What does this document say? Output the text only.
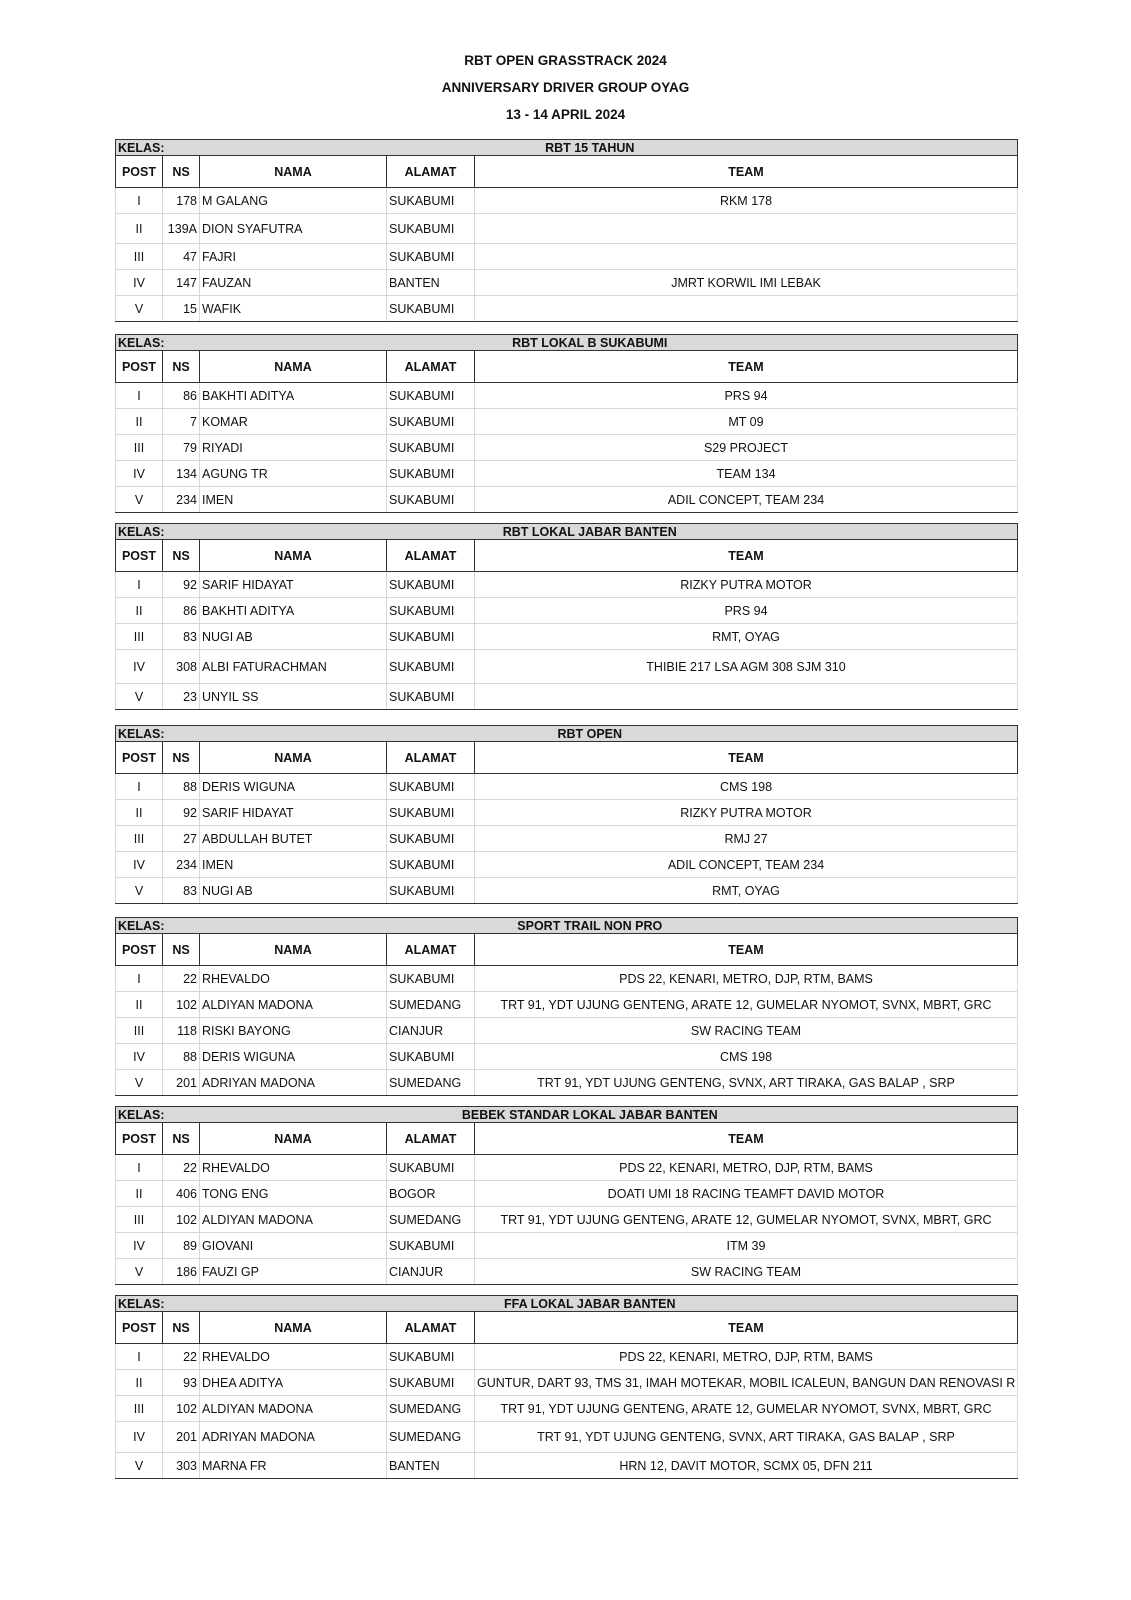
RBT OPEN GRASSTRACK 2024
ANNIVERSARY DRIVER GROUP OYAG
13 - 14 APRIL 2024
KELAS:	RBT 15 TAHUN			
POST	NS	NAMA	ALAMAT	TEAM
I	178	M GALANG	SUKABUMI	RKM 178
II	139A	DION SYAFUTRA	SUKABUMI	
III	47	FAJRI	SUKABUMI	
IV	147	FAUZAN	BANTEN	JMRT KORWIL IMI LEBAK
V	15	WAFIK	SUKABUMI	
KELAS:	RBT LOKAL B SUKABUMI			
POST	NS	NAMA	ALAMAT	TEAM
I	86	BAKHTI ADITYA	SUKABUMI	PRS 94
II	7	KOMAR	SUKABUMI	MT 09
III	79	RIYADI	SUKABUMI	S29 PROJECT
IV	134	AGUNG TR	SUKABUMI	TEAM 134
V	234	IMEN	SUKABUMI	ADIL CONCEPT, TEAM 234
KELAS:	RBT LOKAL JABAR BANTEN			
POST	NS	NAMA	ALAMAT	TEAM
I	92	SARIF HIDAYAT	SUKABUMI	RIZKY PUTRA MOTOR
II	86	BAKHTI ADITYA	SUKABUMI	PRS 94
III	83	NUGI AB	SUKABUMI	RMT, OYAG
IV	308	ALBI FATURACHMAN	SUKABUMI	THIBIE 217 LSA AGM 308 SJM 310
V	23	UNYIL SS	SUKABUMI	
KELAS:	RBT OPEN			
POST	NS	NAMA	ALAMAT	TEAM
I	88	DERIS WIGUNA	SUKABUMI	CMS 198
II	92	SARIF HIDAYAT	SUKABUMI	RIZKY PUTRA MOTOR
III	27	ABDULLAH BUTET	SUKABUMI	RMJ 27
IV	234	IMEN	SUKABUMI	ADIL CONCEPT, TEAM 234
V	83	NUGI AB	SUKABUMI	RMT, OYAG
KELAS:	SPORT TRAIL NON PRO			
POST	NS	NAMA	ALAMAT	TEAM
I	22	RHEVALDO	SUKABUMI	PDS 22, KENARI, METRO, DJP, RTM, BAMS
II	102	ALDIYAN MADONA	SUMEDANG	TRT 91, YDT UJUNG GENTENG, ARATE 12, GUMELAR NYOMOT, SVNX, MBRT, GRC
III	118	RISKI BAYONG	CIANJUR	SW RACING TEAM
IV	88	DERIS WIGUNA	SUKABUMI	CMS 198
V	201	ADRIYAN MADONA	SUMEDANG	TRT 91, YDT UJUNG GENTENG, SVNX, ART TIRAKA, GAS BALAP , SRP
KELAS:	BEBEK STANDAR LOKAL JABAR BANTEN			
POST	NS	NAMA	ALAMAT	TEAM
I	22	RHEVALDO	SUKABUMI	PDS 22, KENARI, METRO, DJP, RTM, BAMS
II	406	TONG ENG	BOGOR	DOATI UMI 18 RACING TEAMFT DAVID MOTOR
III	102	ALDIYAN MADONA	SUMEDANG	TRT 91, YDT UJUNG GENTENG, ARATE 12, GUMELAR NYOMOT, SVNX, MBRT, GRC
IV	89	GIOVANI	SUKABUMI	ITM 39
V	186	FAUZI GP	CIANJUR	SW RACING TEAM
KELAS:	FFA LOKAL JABAR BANTEN			
POST	NS	NAMA	ALAMAT	TEAM
I	22	RHEVALDO	SUKABUMI	PDS 22, KENARI, METRO, DJP, RTM, BAMS
II	93	DHEA ADITYA	SUKABUMI	GUNTUR, DART 93, TMS 31, IMAH MOTEKAR, MOBIL ICALEUN, BANGUN DAN RENOVASI R
III	102	ALDIYAN MADONA	SUMEDANG	TRT 91, YDT UJUNG GENTENG, ARATE 12, GUMELAR NYOMOT, SVNX, MBRT, GRC
IV	201	ADRIYAN MADONA	SUMEDANG	TRT 91, YDT UJUNG GENTENG, SVNX, ART TIRAKA, GAS BALAP , SRP
V	303	MARNA FR	BANTEN	HRN 12, DAVIT MOTOR, SCMX 05, DFN 211
